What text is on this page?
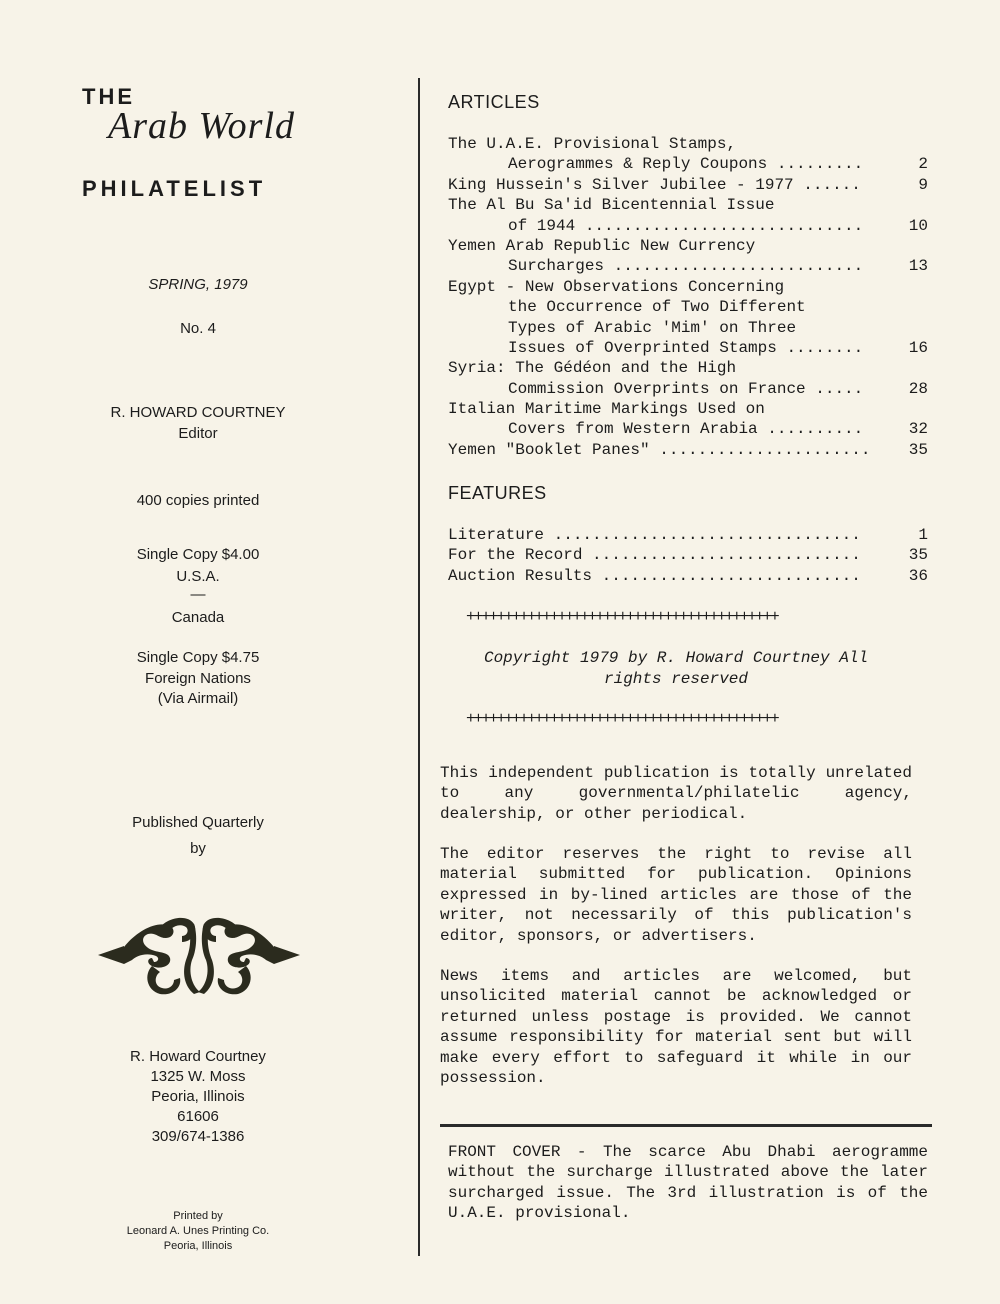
THE
Arab World
PHILATELIST
SPRING, 1979
No. 4
R. HOWARD COURTNEY
Editor
400 copies printed
Single Copy $4.00
U.S.A.
—
Canada
Single Copy $4.75
Foreign Nations
(Via Airmail)
Published Quarterly
by
R. Howard Courtney
1325 W. Moss
Peoria, Illinois
61606
309/674-1386
Printed by
Leonard A. Unes Printing Co.
Peoria, Illinois
ARTICLES
The U.A.E. Provisional Stamps,
Aerogrammes & Reply Coupons .........	2
King Hussein's Silver Jubilee - 1977 ......	9
The Al Bu Sa'id Bicentennial Issue
of 1944 .............................	10
Yemen Arab Republic New Currency
Surcharges ..........................	13
Egypt - New Observations Concerning
the Occurrence of Two Different
Types of Arabic 'Mim' on Three
Issues of Overprinted Stamps ........	16
Syria: The Gédéon and the High
Commission Overprints on France .....	28
Italian Maritime Markings Used on
Covers from Western Arabia ..........	32
Yemen "Booklet Panes" ......................	35
FEATURES
Literature ................................	1
For the Record ............................	35
Auction Results ...........................	36
+++++++++++++++++++++++++++++++++++++++++
Copyright 1979 by R. Howard Courtney All
rights reserved
+++++++++++++++++++++++++++++++++++++++++
This independent publication is totally unrelated to any governmental/philatelic agency, dealership, or other periodical.
The editor reserves the right to revise all material submitted for publication. Opinions expressed in by-lined articles are those of the writer, not necessarily of this publication's editor, sponsors, or advertisers.
News items and articles are welcomed, but unsolicited material cannot be acknowledged or returned unless postage is provided. We cannot assume responsibility for material sent but will make every effort to safeguard it while in our possession.
FRONT COVER - The scarce Abu Dhabi aerogramme without the surcharge illustrated above the later surcharged issue. The 3rd illustration is of the U.A.E. provisional.
